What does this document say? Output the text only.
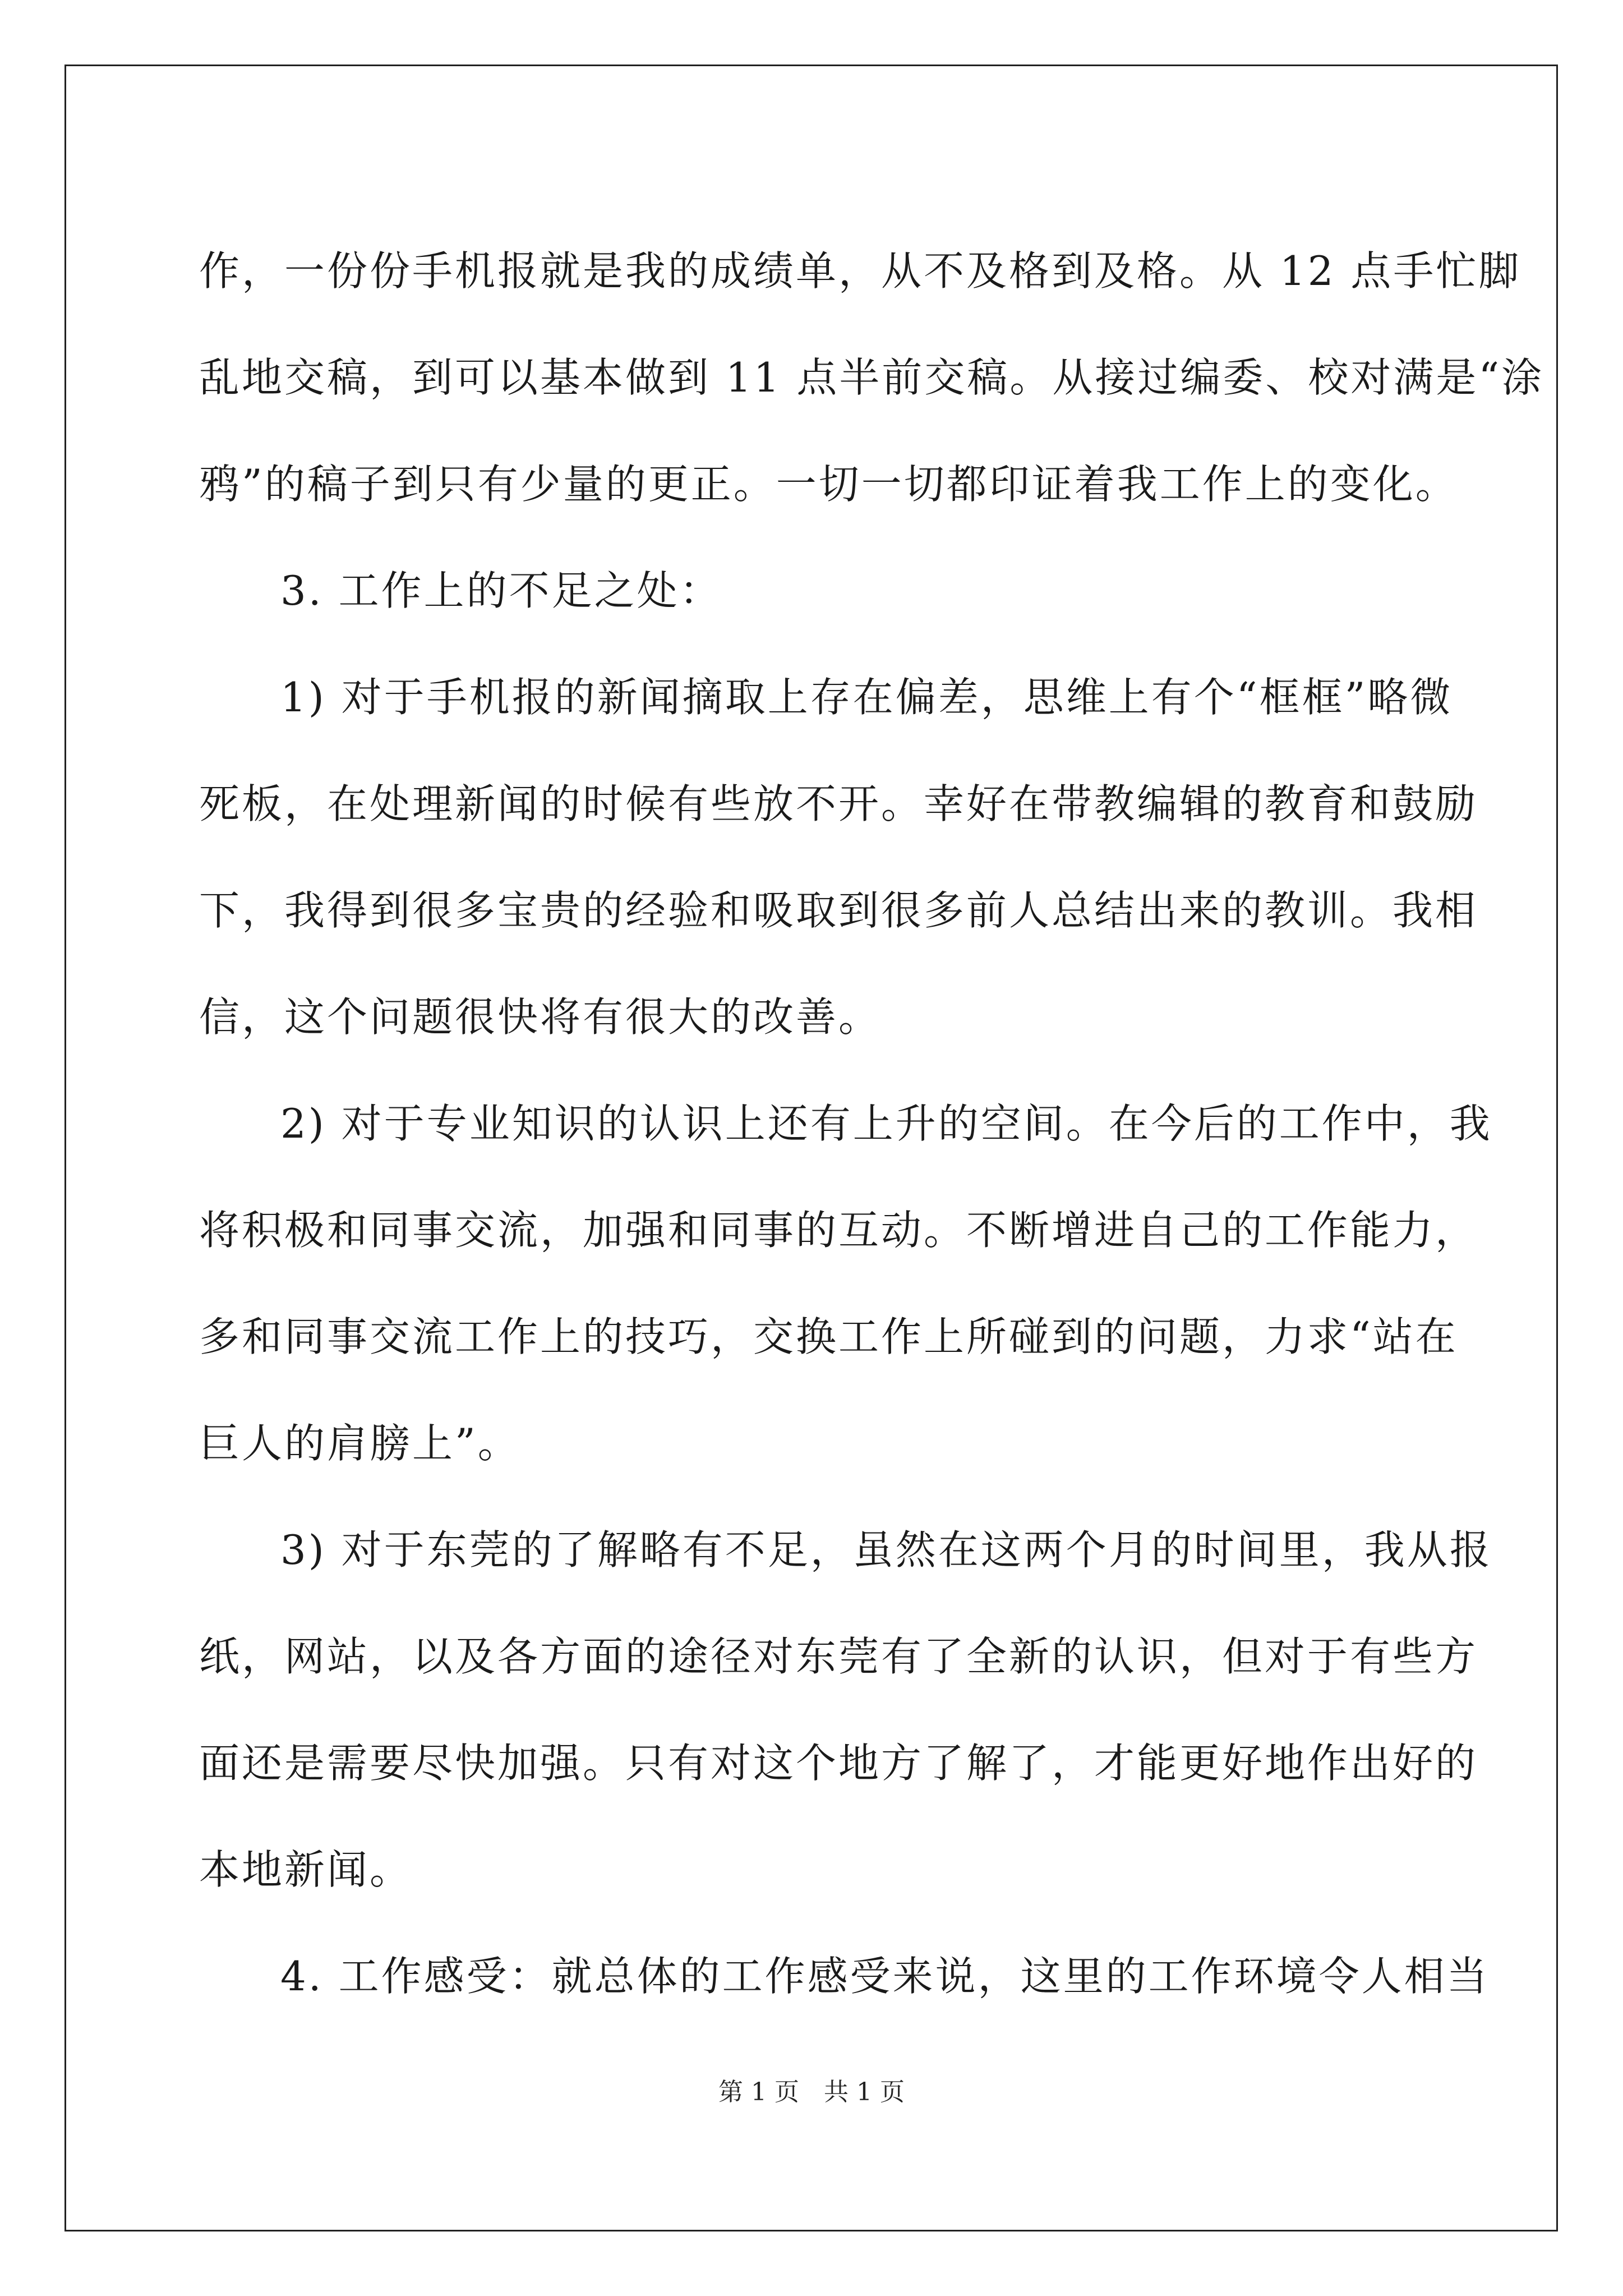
作，一份份手机报就是我的成绩单，从不及格到及格。从 12 点手忙脚
乱地交稿，到可以基本做到 11 点半前交稿。从接过编委、校对满是“涂
鸦”的稿子到只有少量的更正。一切一切都印证着我工作上的变化。
3. 工作上的不足之处：
1) 对于手机报的新闻摘取上存在偏差，思维上有个“框框”略微
死板，在处理新闻的时候有些放不开。幸好在带教编辑的教育和鼓励
下，我得到很多宝贵的经验和吸取到很多前人总结出来的教训。我相
信，这个问题很快将有很大的改善。
2) 对于专业知识的认识上还有上升的空间。在今后的工作中，我
将积极和同事交流，加强和同事的互动。不断增进自己的工作能力，
多和同事交流工作上的技巧，交换工作上所碰到的问题，力求“站在
巨人的肩膀上”。
3) 对于东莞的了解略有不足，虽然在这两个月的时间里，我从报
纸，网站，以及各方面的途径对东莞有了全新的认识，但对于有些方
面还是需要尽快加强。只有对这个地方了解了，才能更好地作出好的
本地新闻。
4. 工作感受：就总体的工作感受来说，这里的工作环境令人相当
第 1 页 共 1 页
